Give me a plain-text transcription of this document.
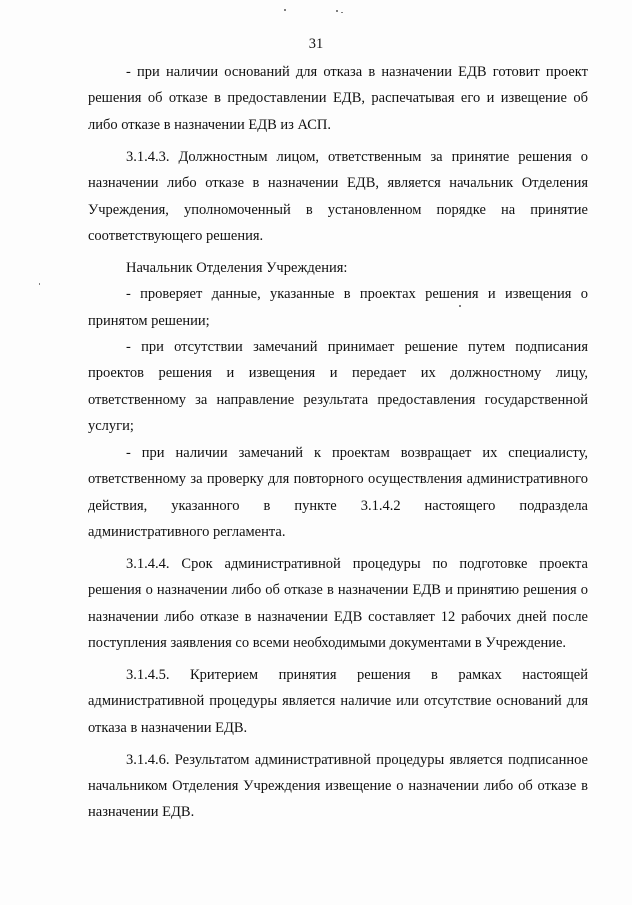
31

- при наличии оснований для отказа в назначении ЕДВ готовит проект решения об отказе в предоставлении ЕДВ, распечатывая его и извещение об либо отказе в назначении ЕДВ из АСП.

3.1.4.3. Должностным лицом, ответственным за принятие решения о назначении либо отказе в назначении ЕДВ, является начальник Отделения Учреждения, уполномоченный в установленном порядке на принятие соответствующего решения.

Начальник Отделения Учреждения:

- проверяет данные, указанные в проектах решения и извещения о принятом решении;

- при отсутствии замечаний принимает решение путем подписания проектов решения и извещения и передает их должностному лицу, ответственному за направление результата предоставления государственной услуги;

- при наличии замечаний к проектам возвращает их специалисту, ответственному за проверку для повторного осуществления административного действия, указанного в пункте 3.1.4.2 настоящего подраздела административного регламента.

3.1.4.4. Срок административной процедуры по подготовке проекта решения о назначении либо об отказе в назначении ЕДВ и принятию решения о назначении либо отказе в назначении ЕДВ составляет 12 рабочих дней после поступления заявления со всеми необходимыми документами в Учреждение.

3.1.4.5. Критерием принятия решения в рамках настоящей административной процедуры является наличие или отсутствие оснований для отказа в назначении ЕДВ.

3.1.4.6. Результатом административной процедуры является подписанное начальником Отделения Учреждения извещение о назначении либо об отказе в назначении ЕДВ.
